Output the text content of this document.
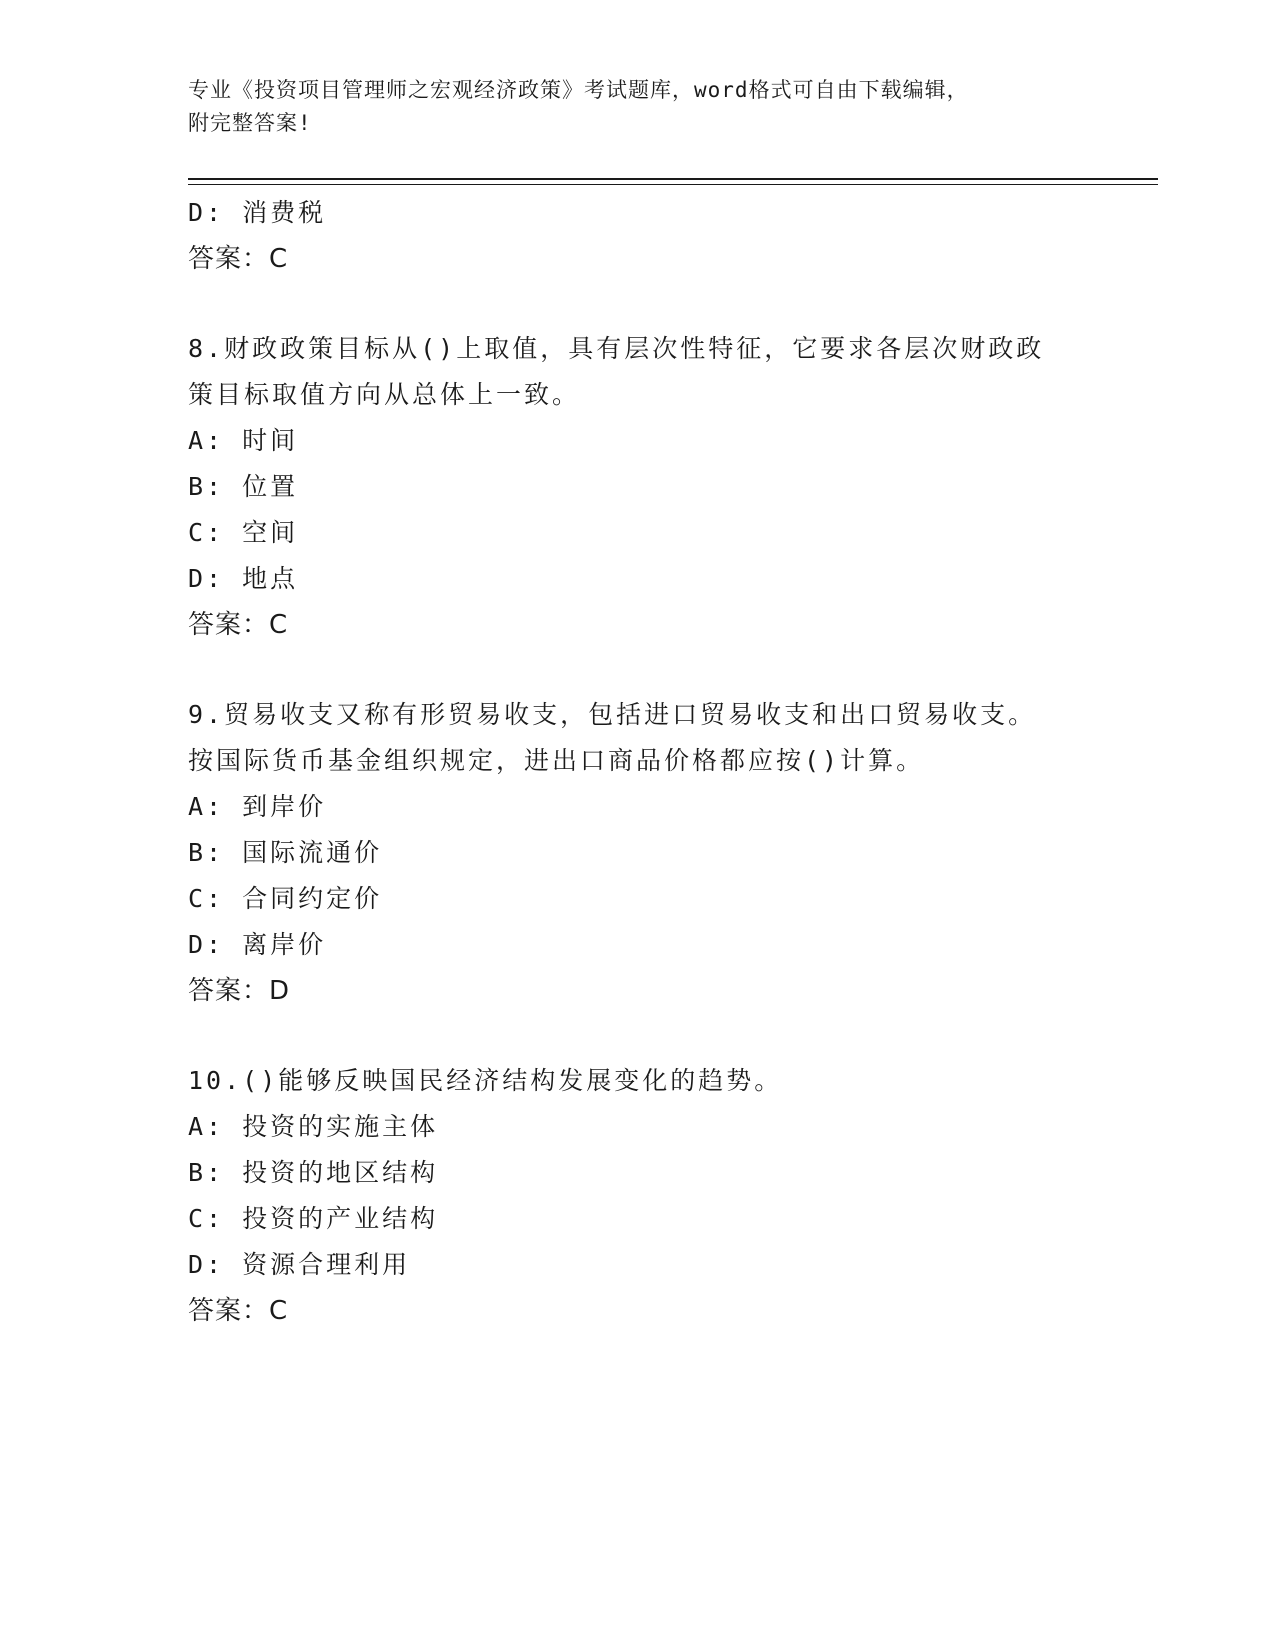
专业《投资项目管理师之宏观经济政策》考试题库，word格式可自由下载编辑，
附完整答案!
D: 消费税
答案：C
8.财政政策目标从()上取值，具有层次性特征，它要求各层次财政政
策目标取值方向从总体上一致。
A: 时间
B: 位置
C: 空间
D: 地点
答案：C
9.贸易收支又称有形贸易收支，包括进口贸易收支和出口贸易收支。
按国际货币基金组织规定，进出口商品价格都应按()计算。
A: 到岸价
B: 国际流通价
C: 合同约定价
D: 离岸价
答案：D
10.()能够反映国民经济结构发展变化的趋势。
A: 投资的实施主体
B: 投资的地区结构
C: 投资的产业结构
D: 资源合理利用
答案：C
